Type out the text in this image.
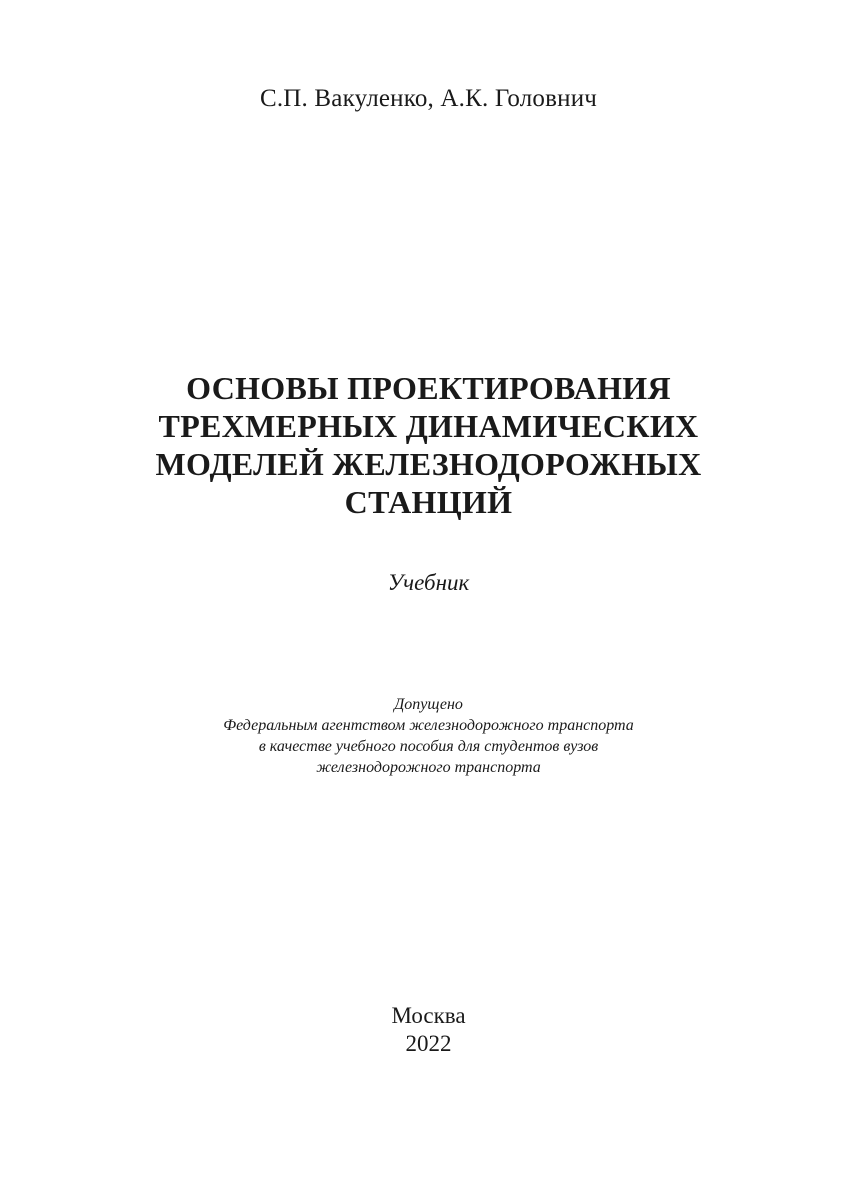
С.П. Вакуленко, А.К. Головнич
ОСНОВЫ ПРОЕКТИРОВАНИЯ
ТРЕХМЕРНЫХ ДИНАМИЧЕСКИХ
МОДЕЛЕЙ ЖЕЛЕЗНОДОРОЖНЫХ
СТАНЦИЙ
Учебник
Допущено
Федеральным агентством железнодорожного транспорта
в качестве учебного пособия для студентов вузов
железнодорожного транспорта
Москва
2022
